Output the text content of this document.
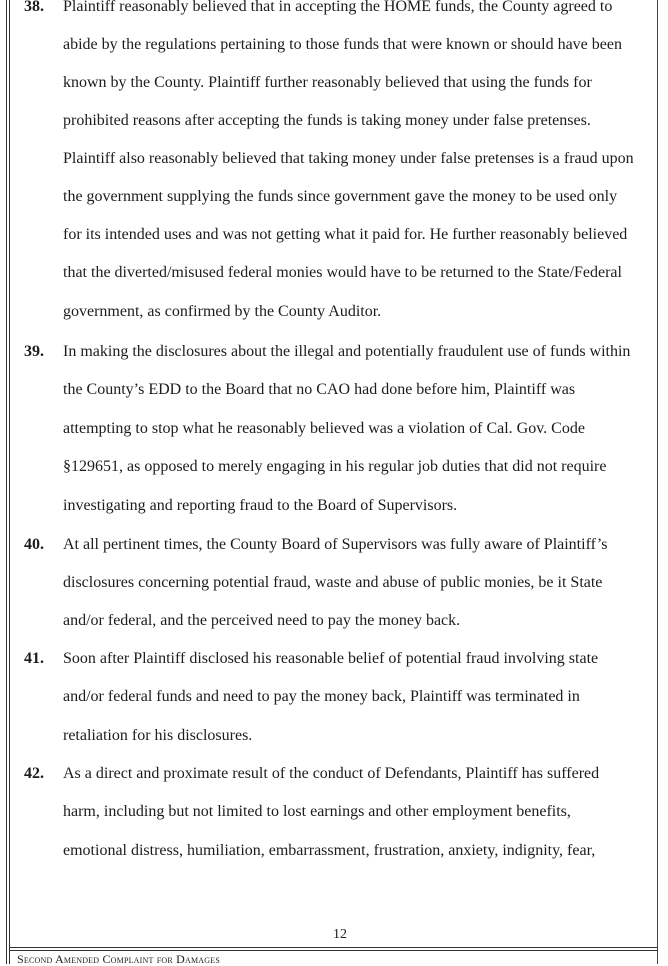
38.	Plaintiff reasonably believed that in accepting the HOME funds, the County agreed to
abide by the regulations pertaining to those funds that were known or should have been
known by the County. Plaintiff further reasonably believed that using the funds for
prohibited reasons after accepting the funds is taking money under false pretenses.
Plaintiff also reasonably believed that taking money under false pretenses is a fraud upon
the government supplying the funds since government gave the money to be used only
for its intended uses and was not getting what it paid for. He further reasonably believed
that the diverted/misused federal monies would have to be returned to the State/Federal
government, as confirmed by the County Auditor.
39.	In making the disclosures about the illegal and potentially fraudulent use of funds within
the County’s EDD to the Board that no CAO had done before him, Plaintiff was
attempting to stop what he reasonably believed was a violation of Cal. Gov. Code
§129651, as opposed to merely engaging in his regular job duties that did not require
investigating and reporting fraud to the Board of Supervisors.
40.	At all pertinent times, the County Board of Supervisors was fully aware of Plaintiff’s
disclosures concerning potential fraud, waste and abuse of public monies, be it State
and/or federal, and the perceived need to pay the money back.
41.	Soon after Plaintiff disclosed his reasonable belief of potential fraud involving state
and/or federal funds and need to pay the money back, Plaintiff was terminated in
retaliation for his disclosures.
42.	As a direct and proximate result of the conduct of Defendants, Plaintiff has suffered
harm, including but not limited to lost earnings and other employment benefits,
emotional distress, humiliation, embarrassment, frustration, anxiety, indignity, fear,
12
Second Amended Complaint for Damages
